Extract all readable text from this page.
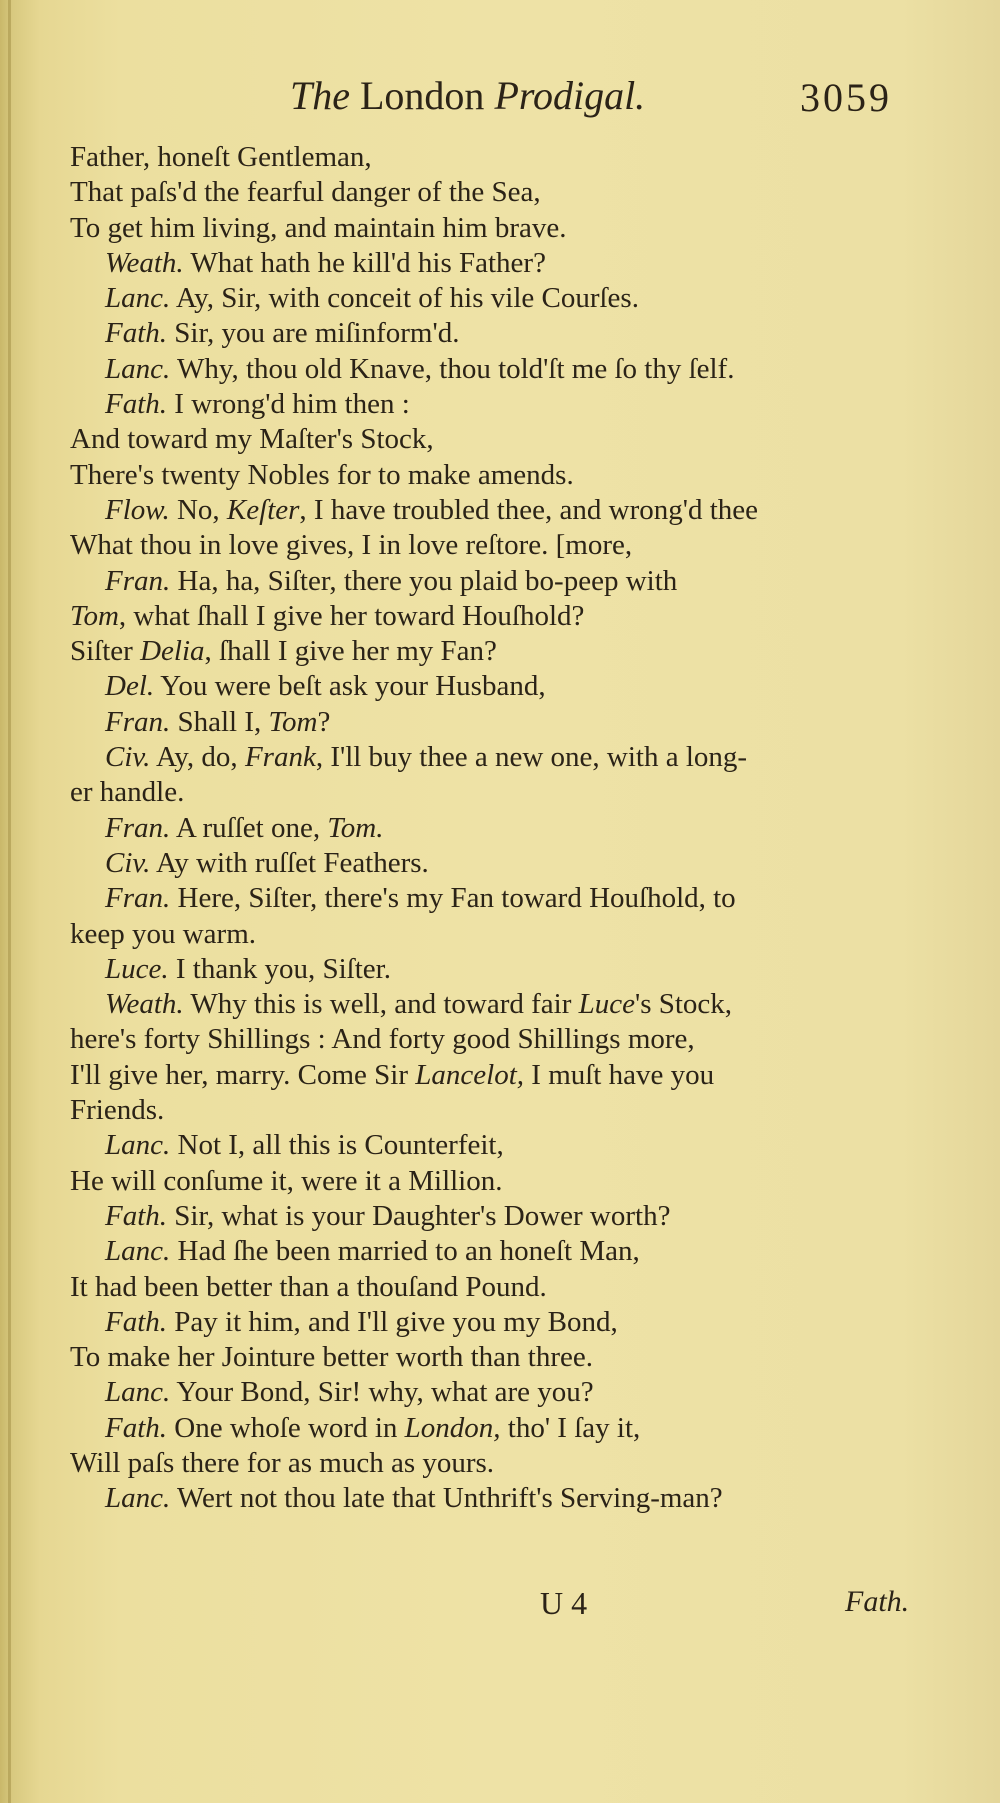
The London Prodigal.	3059
Father, honeſt Gentleman,
That paſs'd the fearful danger of the Sea,
To get him living, and maintain him brave.
Weath. What hath he kill'd his Father?
Lanc. Ay, Sir, with conceit of his vile Courſes.
Fath. Sir, you are miſinform'd.
Lanc. Why, thou old Knave, thou told'ſt me ſo thy ſelf.
Fath. I wrong'd him then :
And toward my Maſter's Stock,
There's twenty Nobles for to make amends.
Flow. No, Keſter, I have troubled thee, and wrong'd thee
What thou in love gives, I in love reſtore. [more,
Fran. Ha, ha, Siſter, there you plaid bo-peep with
Tom, what ſhall I give her toward Houſhold?
Siſter Delia, ſhall I give her my Fan?
Del. You were beſt ask your Husband,
Fran. Shall I, Tom?
Civ. Ay, do, Frank, I'll buy thee a new one, with a long-
er handle.
Fran. A ruſſet one, Tom.
Civ. Ay with ruſſet Feathers.
Fran. Here, Siſter, there's my Fan toward Houſhold, to
keep you warm.
Luce. I thank you, Siſter.
Weath. Why this is well, and toward fair Luce's Stock,
here's forty Shillings : And forty good Shillings more,
I'll give her, marry. Come Sir Lancelot, I muſt have you
Friends.
Lanc. Not I, all this is Counterfeit,
He will conſume it, were it a Million.
Fath. Sir, what is your Daughter's Dower worth?
Lanc. Had ſhe been married to an honeſt Man,
It had been better than a thouſand Pound.
Fath. Pay it him, and I'll give you my Bond,
To make her Jointure better worth than three.
Lanc. Your Bond, Sir! why, what are you?
Fath. One whoſe word in London, tho' I ſay it,
Will paſs there for as much as yours.
Lanc. Wert not thou late that Unthrift's Serving-man?
U 4	Fath.
